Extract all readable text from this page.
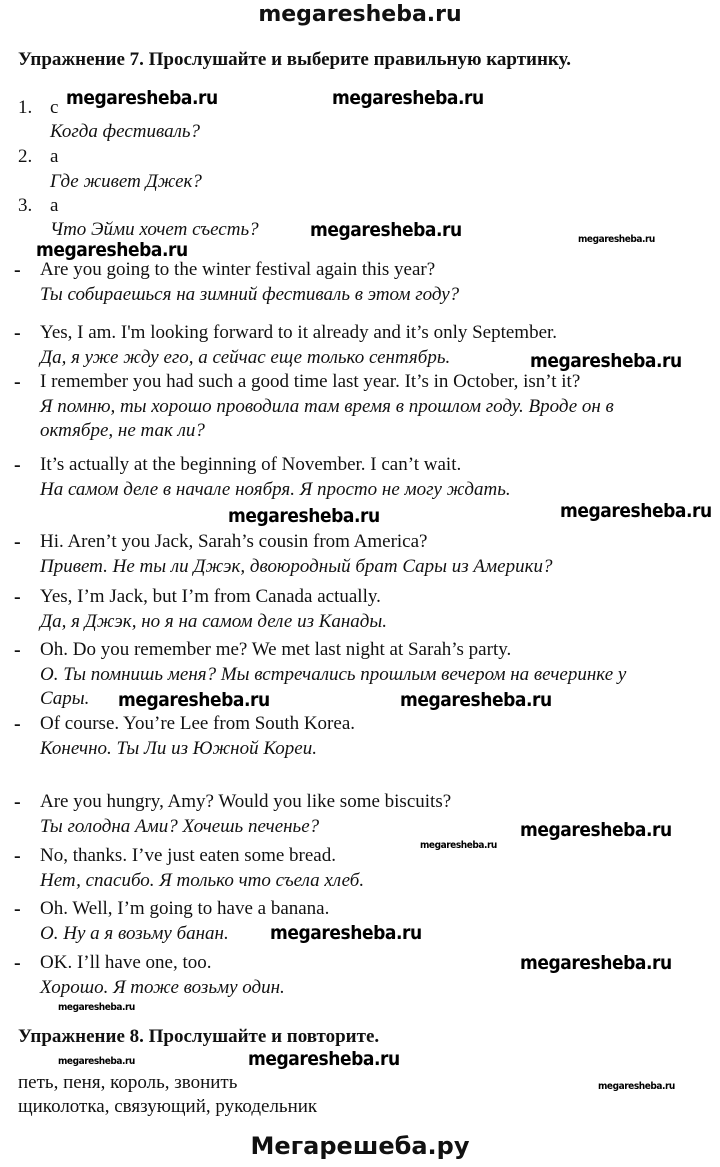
megaresheba.ru
Упражнение 7. Прослушайте и выберите правильную картинку.
1. c
Когда фестиваль?
2. a
Где живет Джек?
3. a
Что Эйми хочет съесть?
- Are you going to the winter festival again this year?
Ты собираешься на зимний фестиваль в этом году?
- Yes, I am. I'm looking forward to it already and it’s only September.
Да, я уже жду его, а сейчас еще только сентябрь.
- I remember you had such a good time last year. It’s in October, isn’t it?
Я помню, ты хорошо проводила там время в прошлом году. Вроде он в
октябре, не так ли?
- It’s actually at the beginning of November. I can’t wait.
На самом деле в начале ноября. Я просто не могу ждать.
- Hi. Aren’t you Jack, Sarah’s cousin from America?
Привет. Не ты ли Джэк, двоюродный брат Сары из Америки?
- Yes, I’m Jack, but I’m from Canada actually.
Да, я Джэк, но я на самом деле из Канады.
- Oh. Do you remember me? We met last night at Sarah’s party.
О. Ты помнишь меня? Мы встречались прошлым вечером на вечеринке у
Сары.
- Of course. You’re Lee from South Korea.
Конечно. Ты Ли из Южной Кореи.
- Are you hungry, Amy? Would you like some biscuits?
Ты голодна Ами? Хочешь печенье?
- No, thanks. I’ve just eaten some bread.
Нет, спасибо. Я только что съела хлеб.
- Oh. Well, I’m going to have a banana.
О. Ну а я возьму банан.
- OK. I’ll have one, too.
Хорошо. Я тоже возьму один.
Упражнение 8. Прослушайте и повторите.
петь, пеня, король, звонить
щиколотка, связующий, рукодельник
Мегарешеба.ру
megaresheba.ru	megaresheba.ru
megaresheba.ru	megaresheba.ru
megaresheba.ru
megaresheba.ru
megaresheba.ru
megaresheba.ru
megaresheba.ru	megaresheba.ru
megaresheba.ru
megaresheba.ru
megaresheba.ru
megaresheba.ru
megaresheba.ru
megaresheba.ru
megaresheba.ru
megaresheba.ru
